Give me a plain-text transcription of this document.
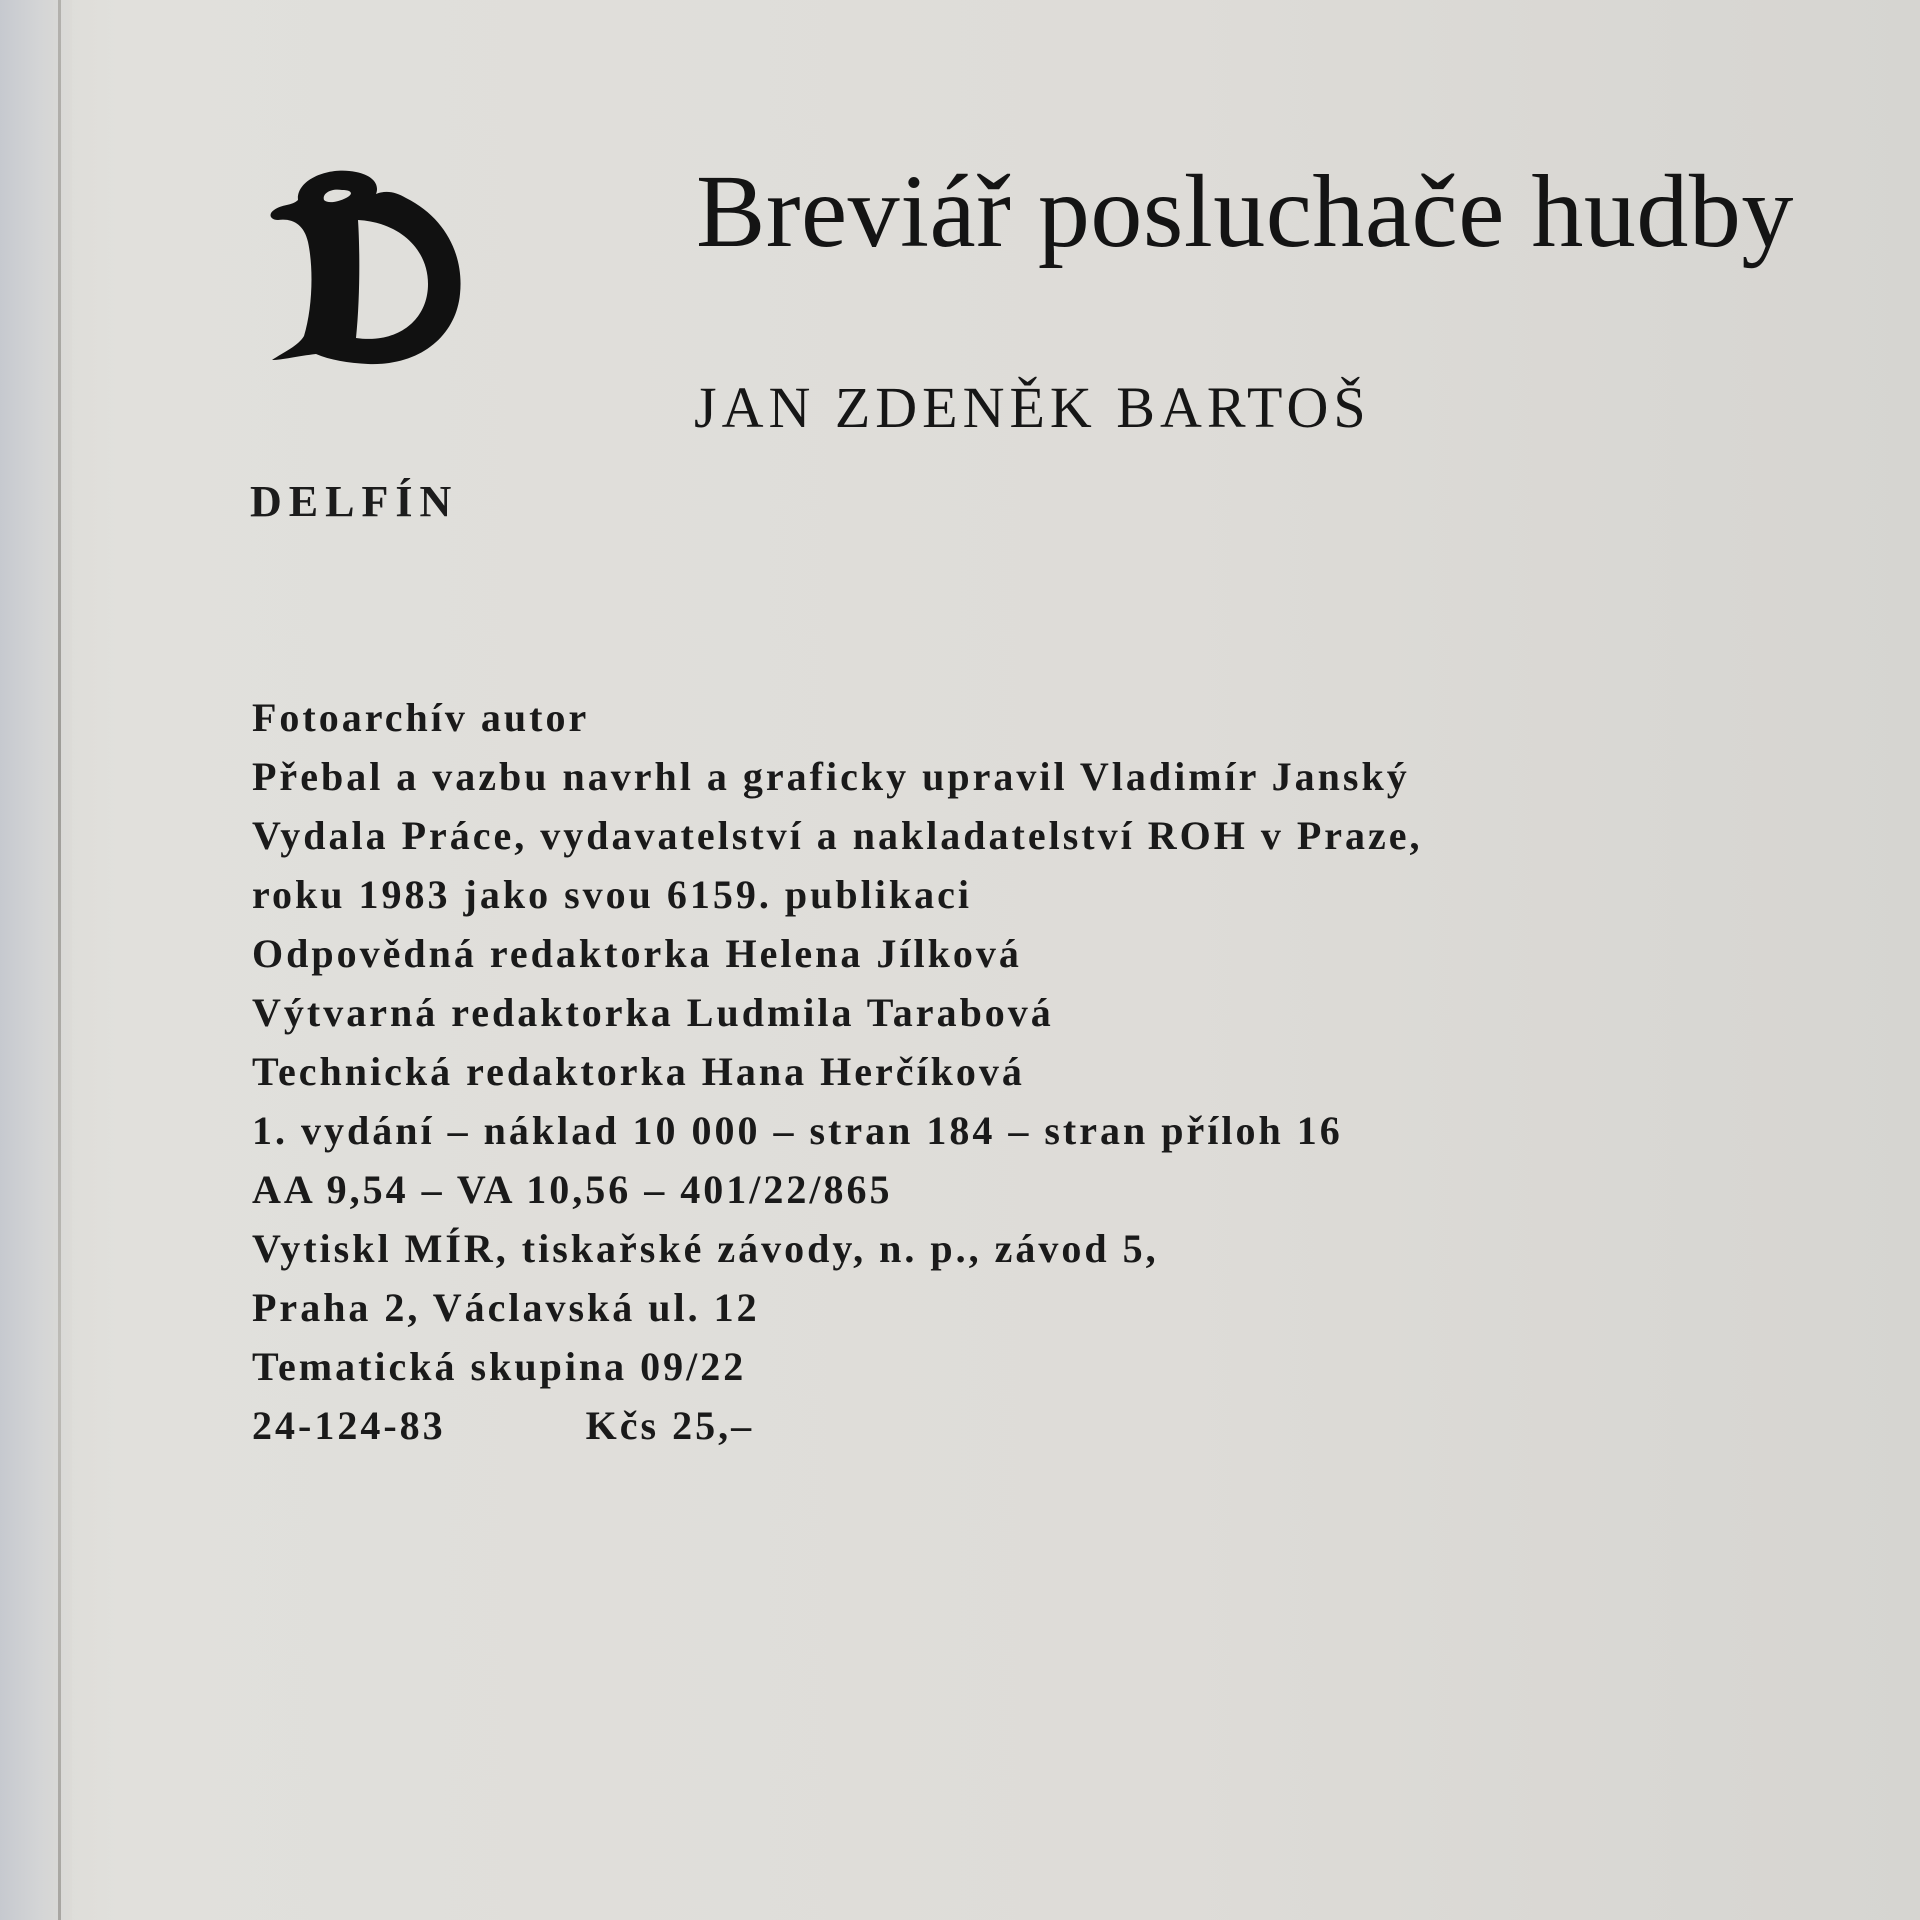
DELFÍN
Breviář posluchače hudby
JAN ZDENĚK BARTOŠ
Fotoarchív autor
Přebal a vazbu navrhl a graficky upravil Vladimír Janský
Vydala Práce, vydavatelství a nakladatelství ROH v Praze,
roku 1983 jako svou 6159. publikaci
Odpovědná redaktorka Helena Jílková
Výtvarná redaktorka Ludmila Tarabová
Technická redaktorka Hana Herčíková
1. vydání – náklad 10 000 – stran 184 – stran příloh 16
AA 9,54 – VA 10,56 – 401/22/865
Vytiskl MÍR, tiskařské závody, n. p., závod 5,
Praha 2, Václavská ul. 12
Tematická skupina 09/22
24-124-83	Kčs 25,–
